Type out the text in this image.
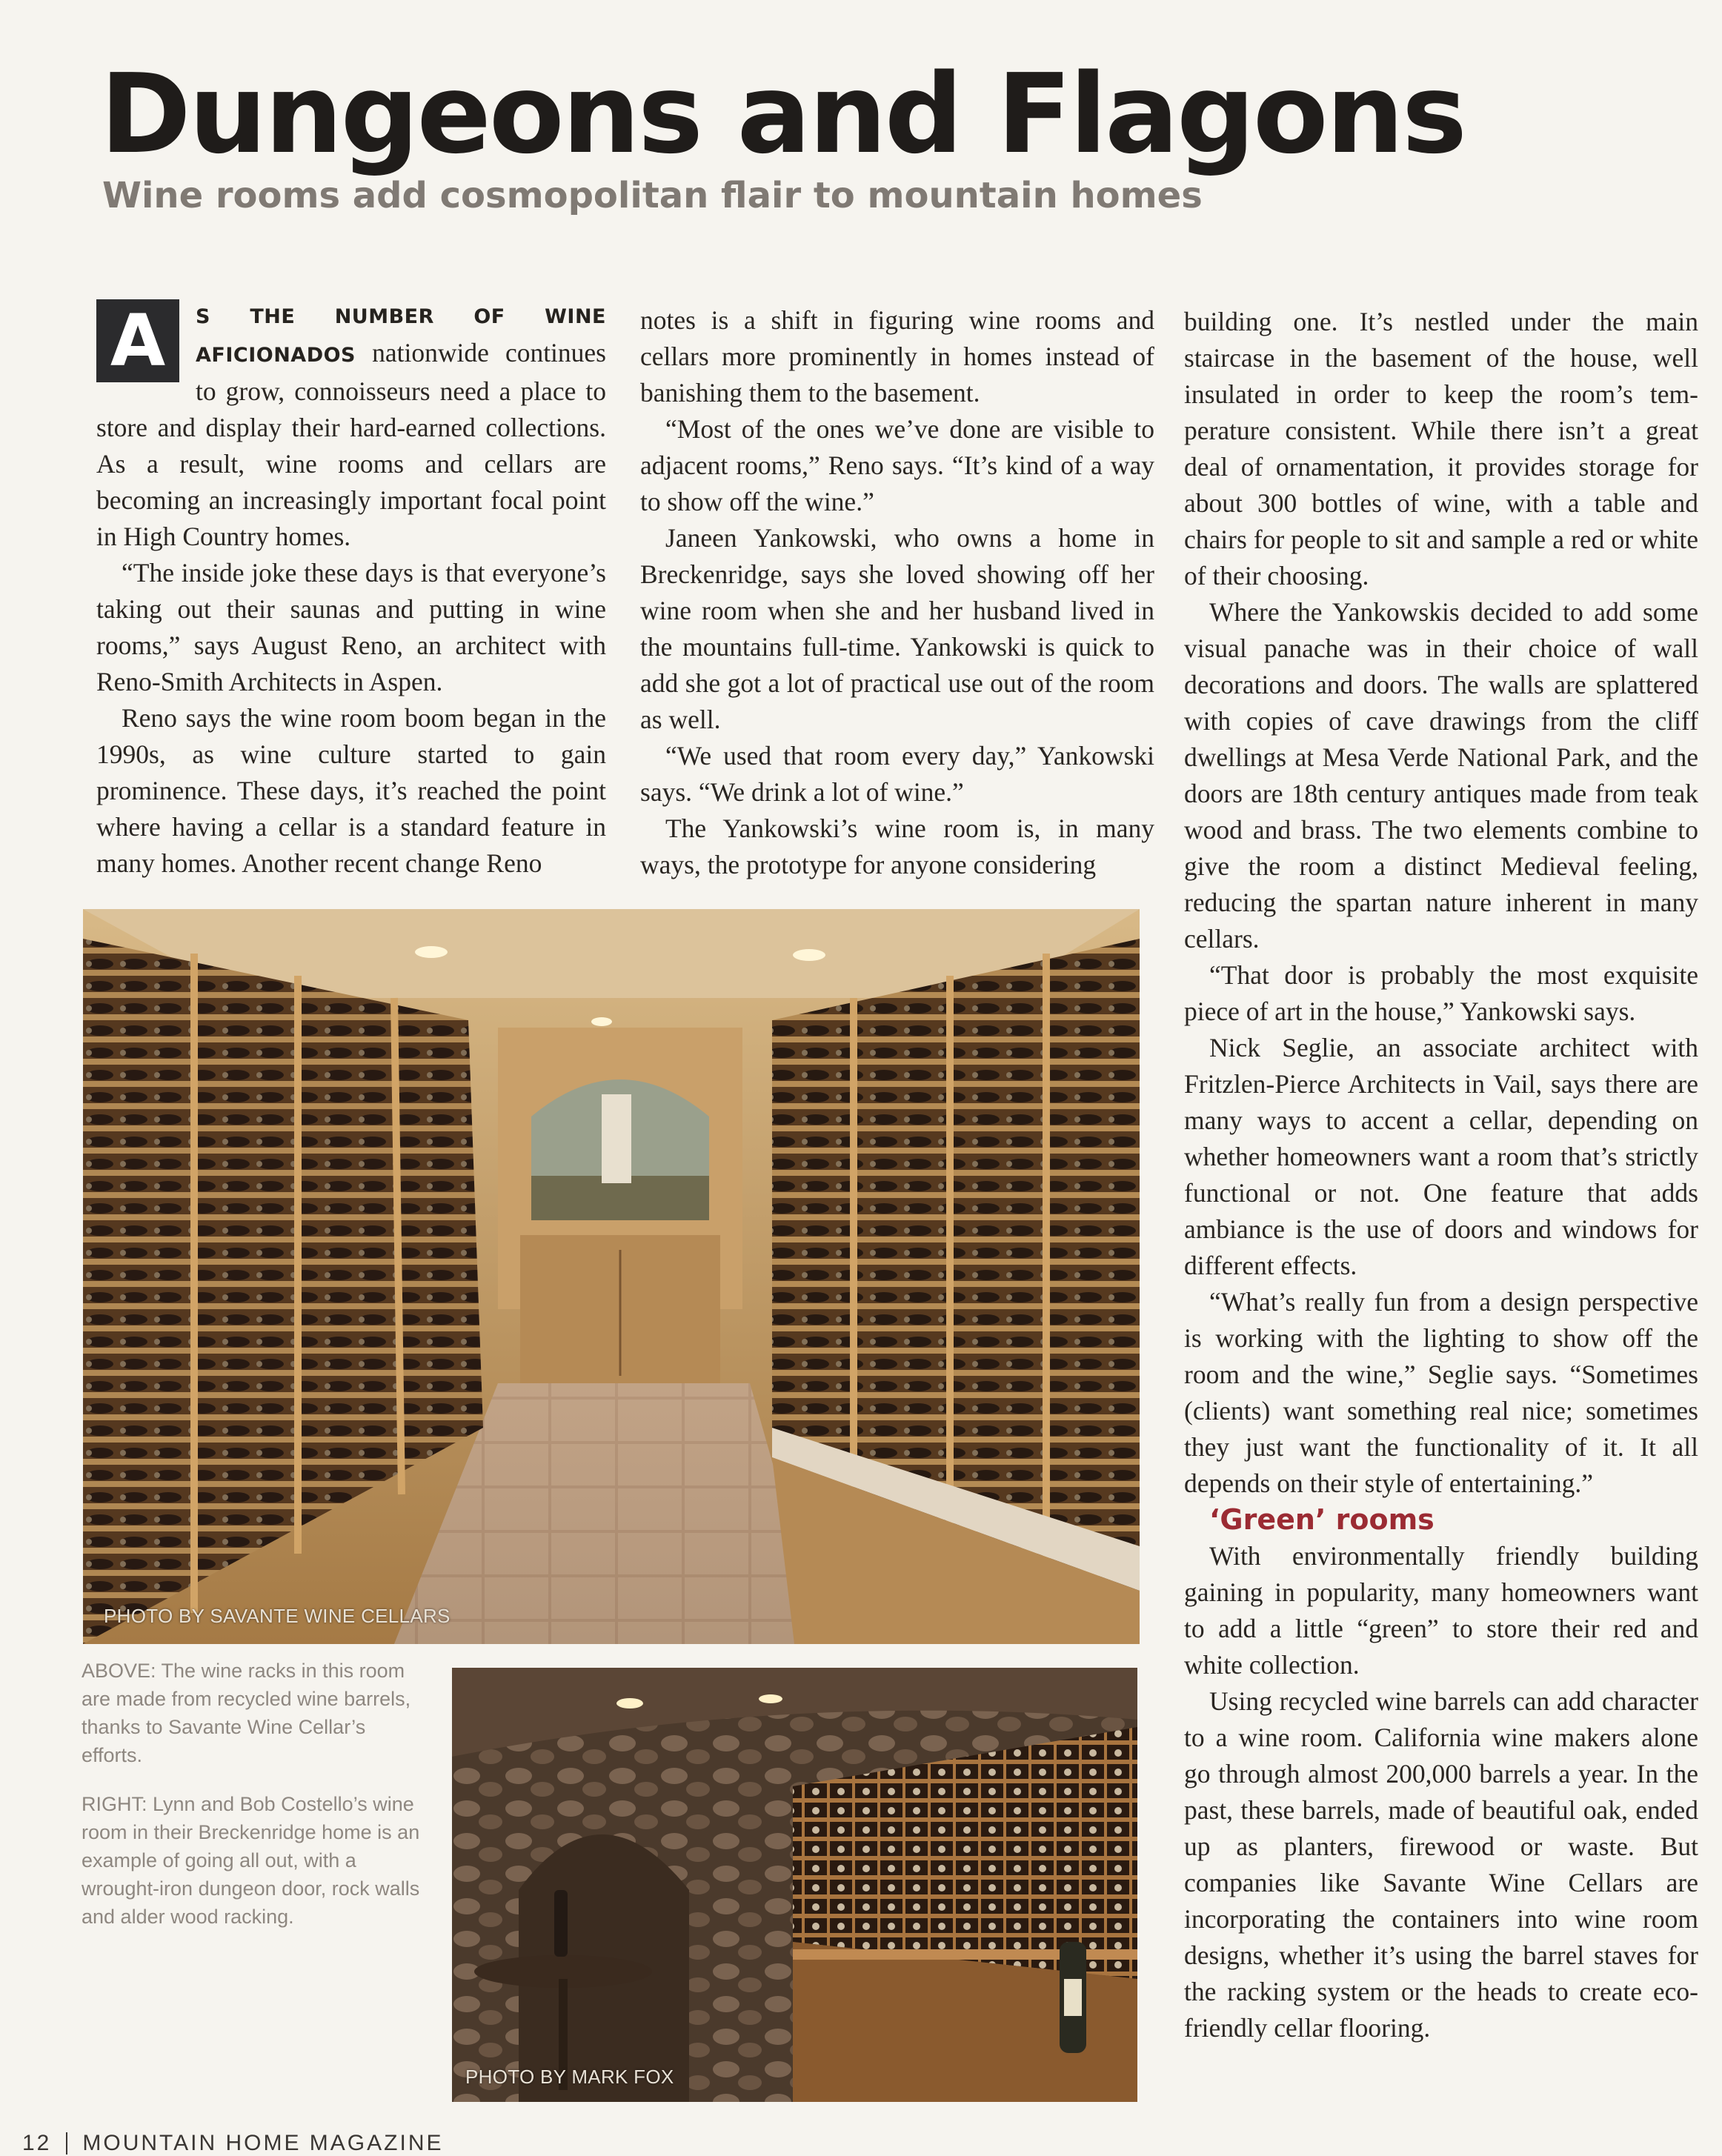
Dungeons and Flagons
Wine rooms add cosmopolitan flair to mountain homes

A	S THE NUMBER OF WINE AFICIONADOS nationwide continues to grow, connoisseurs need a place to store and display their hard-earned collections. As a result, wine rooms and cellars are becoming an increasingly important focal point in High Country homes.

“The inside joke these days is that everyone’s taking out their saunas and putting in wine rooms,” says August Reno, an architect with Reno-Smith Architects in Aspen.

Reno says the wine room boom began in the 1990s, as wine culture started to gain prominence. These days, it’s reached the point where having a cellar is a standard feature in many homes. Another recent change Reno

notes is a shift in figuring wine rooms and cellars more prominently in homes instead of banishing them to the basement.

“Most of the ones we’ve done are visible to adjacent rooms,” Reno says. “It’s kind of a way to show off the wine.”

Janeen Yankowski, who owns a home in Breckenridge, says she loved showing off her wine room when she and her husband lived in the mountains full-time. Yankowski is quick to add she got a lot of practical use out of the room as well.

“We used that room every day,” Yankowski says. “We drink a lot of wine.”

The Yankowski’s wine room is, in many ways, the prototype for anyone considering

building one. It’s nestled under the main staircase in the basement of the house, well insulated in order to keep the room’s temperature consistent. While there isn’t a great deal of ornamentation, it provides storage for about 300 bottles of wine, with a table and chairs for people to sit and sample a red or white of their choosing.

Where the Yankowskis decided to add some visual panache was in their choice of wall decorations and doors. The walls are splattered with copies of cave drawings from the cliff dwellings at Mesa Verde National Park, and the doors are 18th century antiques made from teak wood and brass. The two elements combine to give the room a distinct Medieval feeling, reducing the spartan nature inherent in many cellars.

“That door is probably the most exquisite piece of art in the house,” Yankowski says.

Nick Seglie, an associate architect with Fritzlen-Pierce Architects in Vail, says there are many ways to accent a cellar, depending on whether homeowners want a room that’s strictly functional or not. One feature that adds ambiance is the use of doors and windows for different effects.

“What’s really fun from a design perspective is working with the lighting to show off the room and the wine,” Seglie says. “Sometimes (clients) want something real nice; sometimes they just want the functionality of it. It all depends on their style of entertaining.”

‘Green’ rooms

With environmentally friendly building gaining in popularity, many homeowners want to add a little “green” to store their red and white collection.

Using recycled wine barrels can add character to a wine room. California wine makers alone go through almost 200,000 barrels a year. In the past, these barrels, made of beautiful oak, ended up as planters, firewood or waste. But companies like Savante Wine Cellars are incorporating the containers into wine room designs, whether it’s using the barrel staves for the racking system or the heads to create eco-friendly cellar flooring.

PHOTO BY SAVANTE WINE CELLARS
PHOTO BY MARK FOX

ABOVE: The wine racks in this room are made from recycled wine barrels, thanks to Savante Wine Cellar’s efforts.

RIGHT: Lynn and Bob Costello’s wine room in their Breckenridge home is an example of going all out, with a wrought-iron dungeon door, rock walls and alder wood racking.

12 MOUNTAIN HOME MAGAZINE
